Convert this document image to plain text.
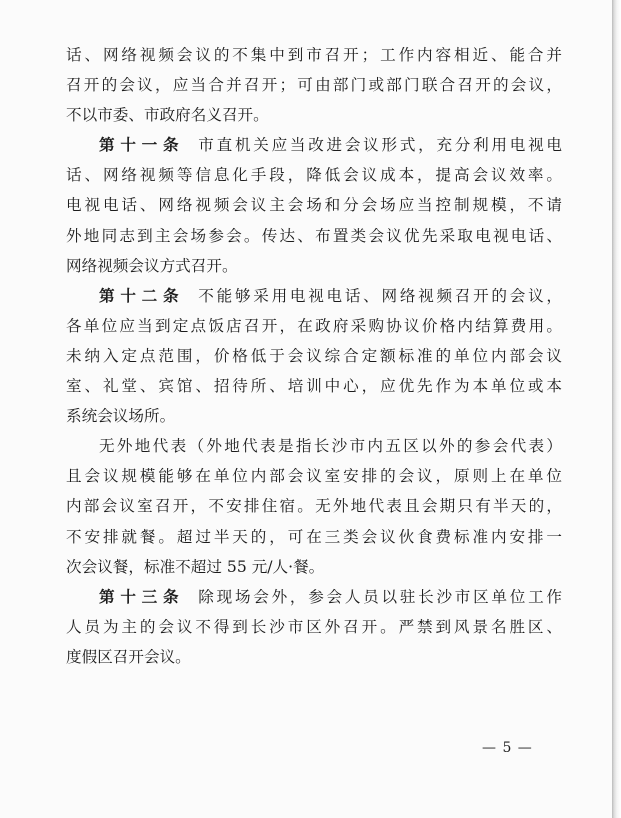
话、网络视频会议的不集中到市召开；工作内容相近、能合并
召开的会议，应当合并召开；可由部门或部门联合召开的会议，
不以市委、市政府名义召开。
第十一条 市直机关应当改进会议形式，充分利用电视电
话、网络视频等信息化手段，降低会议成本，提高会议效率。
电视电话、网络视频会议主会场和分会场应当控制规模，不请
外地同志到主会场参会。传达、布置类会议优先采取电视电话、
网络视频会议方式召开。
第十二条 不能够采用电视电话、网络视频召开的会议，
各单位应当到定点饭店召开，在政府采购协议价格内结算费用。
未纳入定点范围，价格低于会议综合定额标准的单位内部会议
室、礼堂、宾馆、招待所、培训中心，应优先作为本单位或本
系统会议场所。
无外地代表（外地代表是指长沙市内五区以外的参会代表）
且会议规模能够在单位内部会议室安排的会议，原则上在单位
内部会议室召开，不安排住宿。无外地代表且会期只有半天的，
不安排就餐。超过半天的，可在三类会议伙食费标准内安排一
次会议餐，标准不超过 55 元/人·餐。
第十三条 除现场会外，参会人员以驻长沙市区单位工作
人员为主的会议不得到长沙市区外召开。严禁到风景名胜区、
度假区召开会议。
— 5 —
